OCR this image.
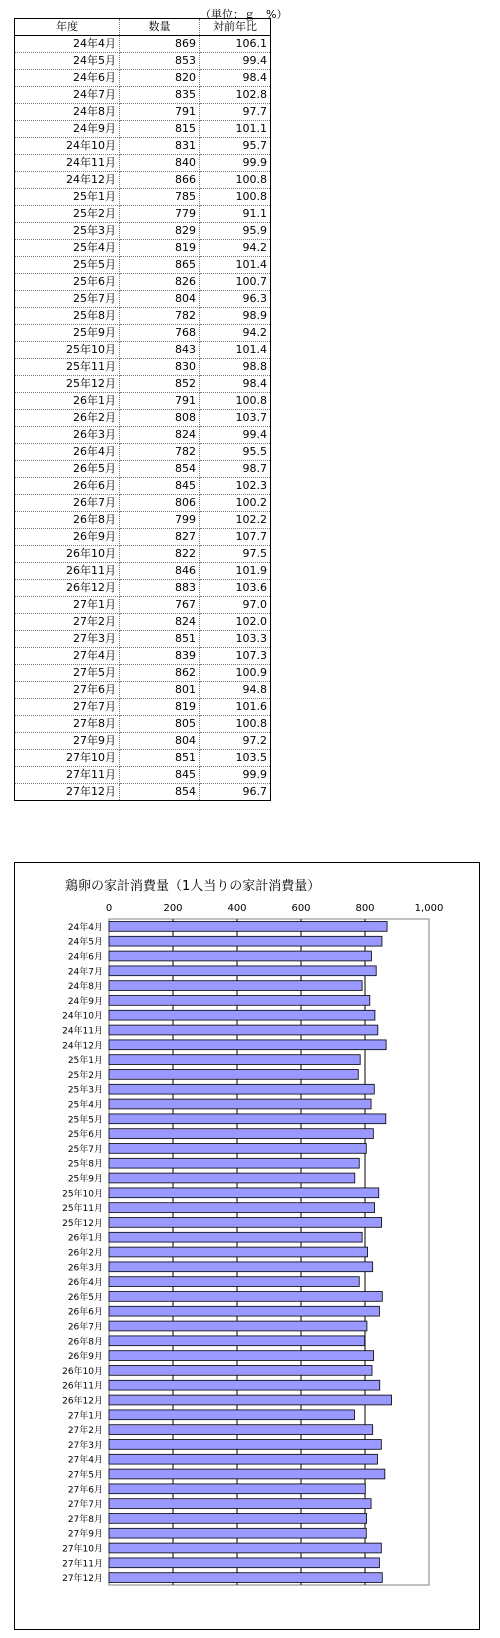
（単位：ｇ　%）
年度	数量	対前年比
24年4月	869	106.1
24年5月	853	99.4
24年6月	820	98.4
24年7月	835	102.8
24年8月	791	97.7
24年9月	815	101.1
24年10月	831	95.7
24年11月	840	99.9
24年12月	866	100.8
25年1月	785	100.8
25年2月	779	91.1
25年3月	829	95.9
25年4月	819	94.2
25年5月	865	101.4
25年6月	826	100.7
25年7月	804	96.3
25年8月	782	98.9
25年9月	768	94.2
25年10月	843	101.4
25年11月	830	98.8
25年12月	852	98.4
26年1月	791	100.8
26年2月	808	103.7
26年3月	824	99.4
26年4月	782	95.5
26年5月	854	98.7
26年6月	845	102.3
26年7月	806	100.2
26年8月	799	102.2
26年9月	827	107.7
26年10月	822	97.5
26年11月	846	101.9
26年12月	883	103.6
27年1月	767	97.0
27年2月	824	102.0
27年3月	851	103.3
27年4月	839	107.3
27年5月	862	100.9
27年6月	801	94.8
27年7月	819	101.6
27年8月	805	100.8
27年9月	804	97.2
27年10月	851	103.5
27年11月	845	99.9
27年12月	854	96.7
鶏卵の家計消費量（1人当りの家計消費量）
0	200	400	600	800	1,000
24年4月
24年5月
24年6月
24年7月
24年8月
24年9月
24年10月
24年11月
24年12月
25年1月
25年2月
25年3月
25年4月
25年5月
25年6月
25年7月
25年8月
25年9月
25年10月
25年11月
25年12月
26年1月
26年2月
26年3月
26年4月
26年5月
26年6月
26年7月
26年8月
26年9月
26年10月
26年11月
26年12月
27年1月
27年2月
27年3月
27年4月
27年5月
27年6月
27年7月
27年8月
27年9月
27年10月
27年11月
27年12月
